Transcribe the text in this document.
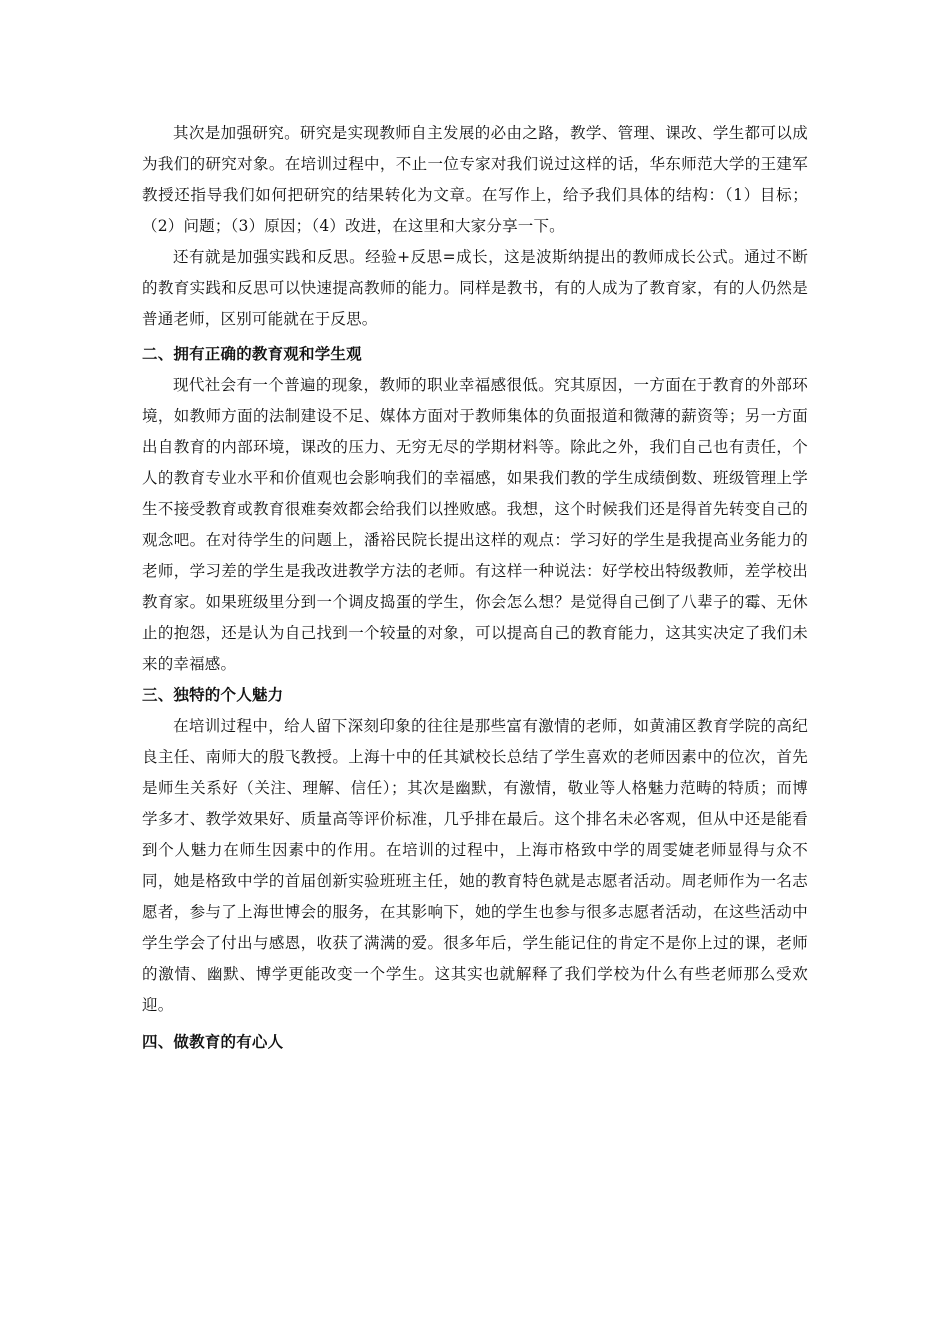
其次是加强研究。研究是实现教师自主发展的必由之路，教学、管理、课改、学生都可以成为我们的研究对象。在培训过程中，不止一位专家对我们说过这样的话，华东师范大学的王建军教授还指导我们如何把研究的结果转化为文章。在写作上，给予我们具体的结构：（1）目标；（2）问题；（3）原因；（4）改进，在这里和大家分享一下。

还有就是加强实践和反思。经验+反思=成长，这是波斯纳提出的教师成长公式。通过不断的教育实践和反思可以快速提高教师的能力。同样是教书，有的人成为了教育家，有的人仍然是普通老师，区别可能就在于反思。

二、拥有正确的教育观和学生观

现代社会有一个普遍的现象，教师的职业幸福感很低。究其原因，一方面在于教育的外部环境，如教师方面的法制建设不足、媒体方面对于教师集体的负面报道和微薄的薪资等；另一方面出自教育的内部环境，课改的压力、无穷无尽的学期材料等。除此之外，我们自己也有责任，个人的教育专业水平和价值观也会影响我们的幸福感，如果我们教的学生成绩倒数、班级管理上学生不接受教育或教育很难奏效都会给我们以挫败感。我想，这个时候我们还是得首先转变自己的观念吧。在对待学生的问题上，潘裕民院长提出这样的观点：学习好的学生是我提高业务能力的老师，学习差的学生是我改进教学方法的老师。有这样一种说法：好学校出特级教师，差学校出教育家。如果班级里分到一个调皮捣蛋的学生，你会怎么想？是觉得自己倒了八辈子的霉、无休止的抱怨，还是认为自己找到一个较量的对象，可以提高自己的教育能力，这其实决定了我们未来的幸福感。

三、独特的个人魅力

在培训过程中，给人留下深刻印象的往往是那些富有激情的老师，如黄浦区教育学院的高纪良主任、南师大的殷飞教授。上海十中的任其斌校长总结了学生喜欢的老师因素中的位次，首先是师生关系好（关注、理解、信任）；其次是幽默，有激情，敬业等人格魅力范畴的特质；而博学多才、教学效果好、质量高等评价标准，几乎排在最后。这个排名未必客观，但从中还是能看到个人魅力在师生因素中的作用。在培训的过程中，上海市格致中学的周雯婕老师显得与众不同，她是格致中学的首届创新实验班班主任，她的教育特色就是志愿者活动。周老师作为一名志愿者，参与了上海世博会的服务，在其影响下，她的学生也参与很多志愿者活动，在这些活动中学生学会了付出与感恩，收获了满满的爱。很多年后，学生能记住的肯定不是你上过的课，老师的激情、幽默、博学更能改变一个学生。这其实也就解释了我们学校为什么有些老师那么受欢迎。

四、做教育的有心人
